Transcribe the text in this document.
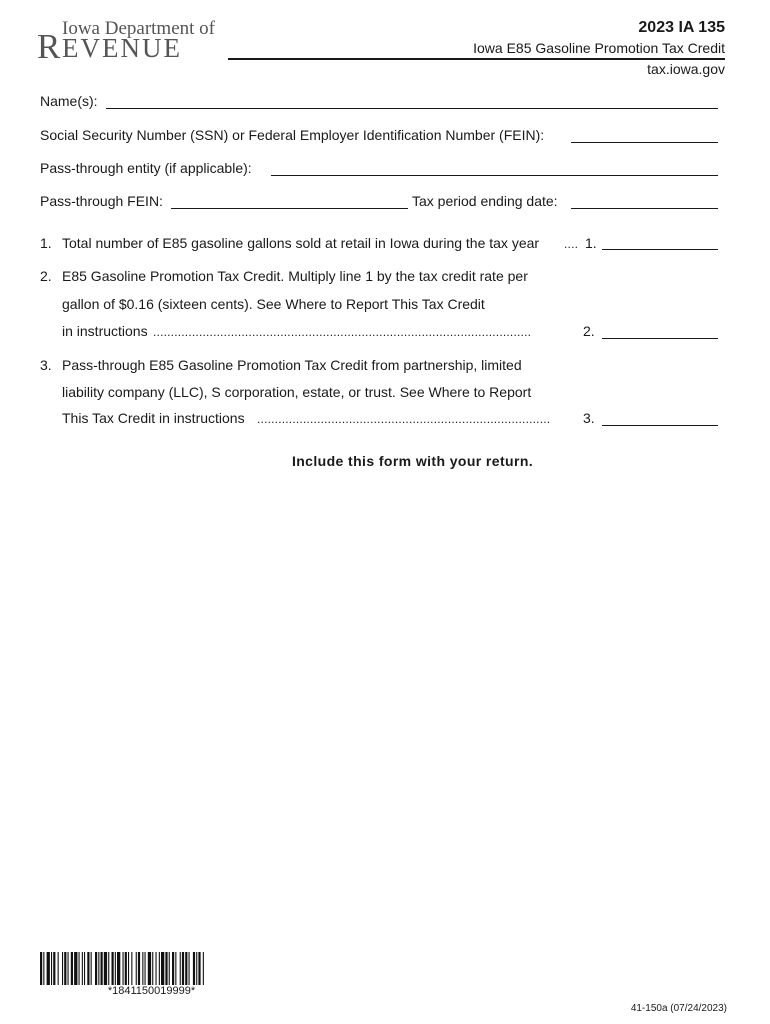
Iowa Department of
R EVENUE
2023 IA 135
Iowa E85 Gasoline Promotion Tax Credit
tax.iowa.gov
Name(s):
Social Security Number (SSN) or Federal Employer Identification Number (FEIN):
Pass-through entity (if applicable):
Pass-through FEIN:	Tax period ending date:
1. Total number of E85 gasoline gallons sold at retail in Iowa during the tax year .... 1.
2. E85 Gasoline Promotion Tax Credit. Multiply line 1 by the tax credit rate per
gallon of $0.16 (sixteen cents). See Where to Report This Tax Credit
in instructions ...........................................................................................................	2.
3. Pass-through E85 Gasoline Promotion Tax Credit from partnership, limited
liability company (LLC), S corporation, estate, or trust. See Where to Report
This Tax Credit in instructions ...................................................................................	3.
Include this form with your return.
*1841150019999*
41-150a (07/24/2023)
